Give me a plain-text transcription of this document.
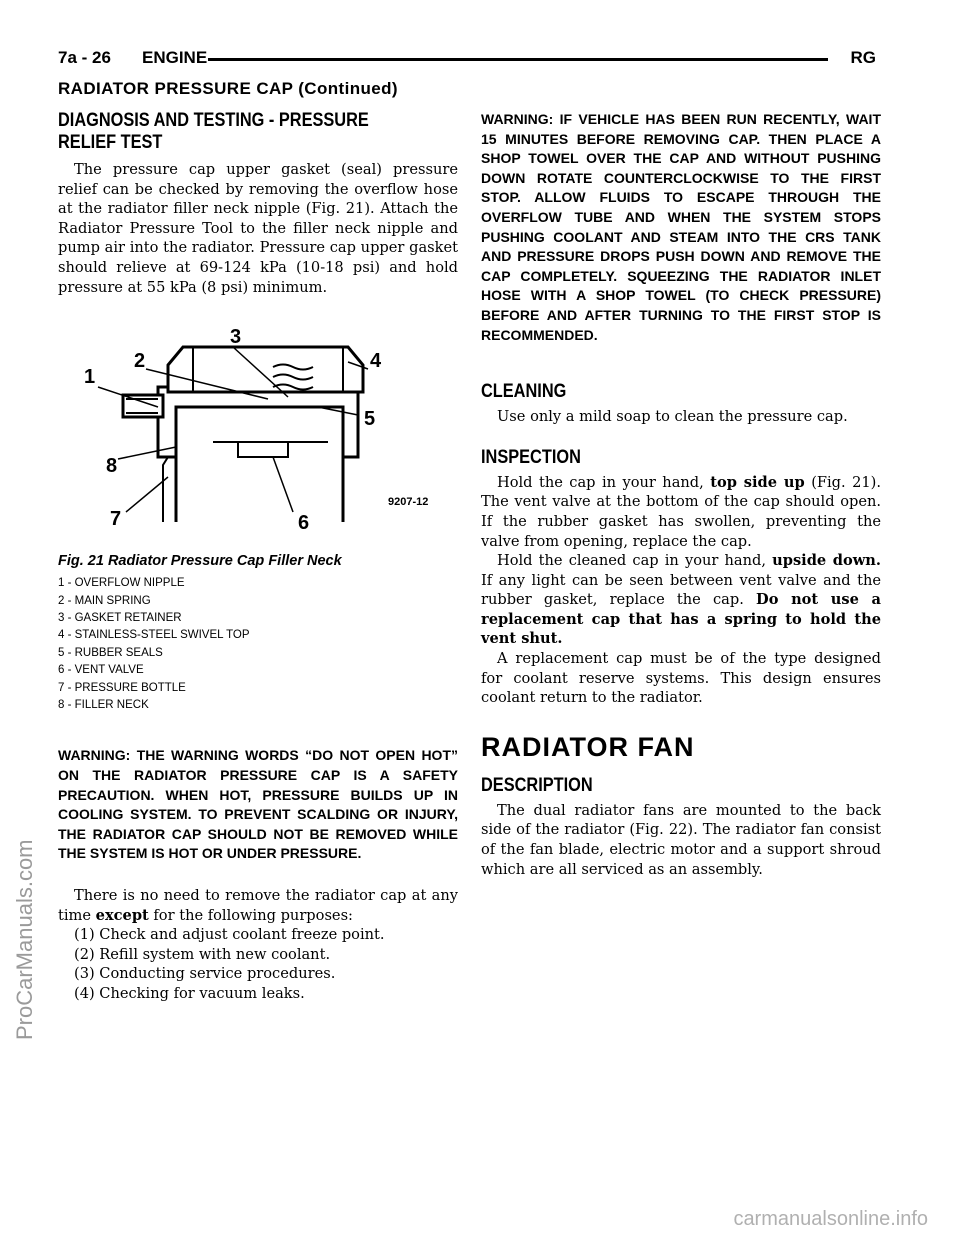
7a - 26 ENGINE	RG
RADIATOR PRESSURE CAP (Continued)
DIAGNOSIS AND TESTING - PRESSURE
RELIEF TEST

The pressure cap upper gasket (seal) pressure relief can be checked by removing the overflow hose at the radiator filler neck nipple (Fig. 21). Attach the Radiator Pressure Tool to the filler neck nipple and pump air into the radiator. Pressure cap upper gasket should relieve at 69-124 kPa (10-18 psi) and hold pressure at 55 kPa (8 psi) minimum.

1
2
3
4
5
6
7
8
9207-12
Fig. 21 Radiator Pressure Cap Filler Neck
1 - OVERFLOW NIPPLE
2 - MAIN SPRING
3 - GASKET RETAINER
4 - STAINLESS-STEEL SWIVEL TOP
5 - RUBBER SEALS
6 - VENT VALVE
7 - PRESSURE BOTTLE
8 - FILLER NECK

WARNING: THE WARNING WORDS “DO NOT OPEN HOT” ON THE RADIATOR PRESSURE CAP IS A SAFETY PRECAUTION. WHEN HOT, PRESSURE BUILDS UP IN COOLING SYSTEM. TO PREVENT SCALDING OR INJURY, THE RADIATOR CAP SHOULD NOT BE REMOVED WHILE THE SYSTEM IS HOT OR UNDER PRESSURE.

There is no need to remove the radiator cap at any time except for the following purposes:

(1) Check and adjust coolant freeze point.

(2) Refill system with new coolant.

(3) Conducting service procedures.

(4) Checking for vacuum leaks.

WARNING: IF VEHICLE HAS BEEN RUN RECENTLY, WAIT 15 MINUTES BEFORE REMOVING CAP. THEN PLACE A SHOP TOWEL OVER THE CAP AND WITHOUT PUSHING DOWN ROTATE COUNTERCLOCKWISE TO THE FIRST STOP. ALLOW FLUIDS TO ESCAPE THROUGH THE OVERFLOW TUBE AND WHEN THE SYSTEM STOPS PUSHING COOLANT AND STEAM INTO THE CRS TANK AND PRESSURE DROPS PUSH DOWN AND REMOVE THE CAP COMPLETELY. SQUEEZING THE RADIATOR INLET HOSE WITH A SHOP TOWEL (TO CHECK PRESSURE) BEFORE AND AFTER TURNING TO THE FIRST STOP IS RECOMMENDED.

CLEANING

Use only a mild soap to clean the pressure cap.

INSPECTION

Hold the cap in your hand, top side up (Fig. 21). The vent valve at the bottom of the cap should open. If the rubber gasket has swollen, preventing the valve from opening, replace the cap.

Hold the cleaned cap in your hand, upside down. If any light can be seen between vent valve and the rubber gasket, replace the cap. Do not use a replacement cap that has a spring to hold the vent shut.

A replacement cap must be of the type designed for coolant reserve systems. This design ensures coolant return to the radiator.

RADIATOR FAN
DESCRIPTION

The dual radiator fans are mounted to the back side of the radiator (Fig. 22). The radiator fan consist of the fan blade, electric motor and a support shroud which are all serviced as an assembly.

ProCarManuals.com
carmanualsonline.info
